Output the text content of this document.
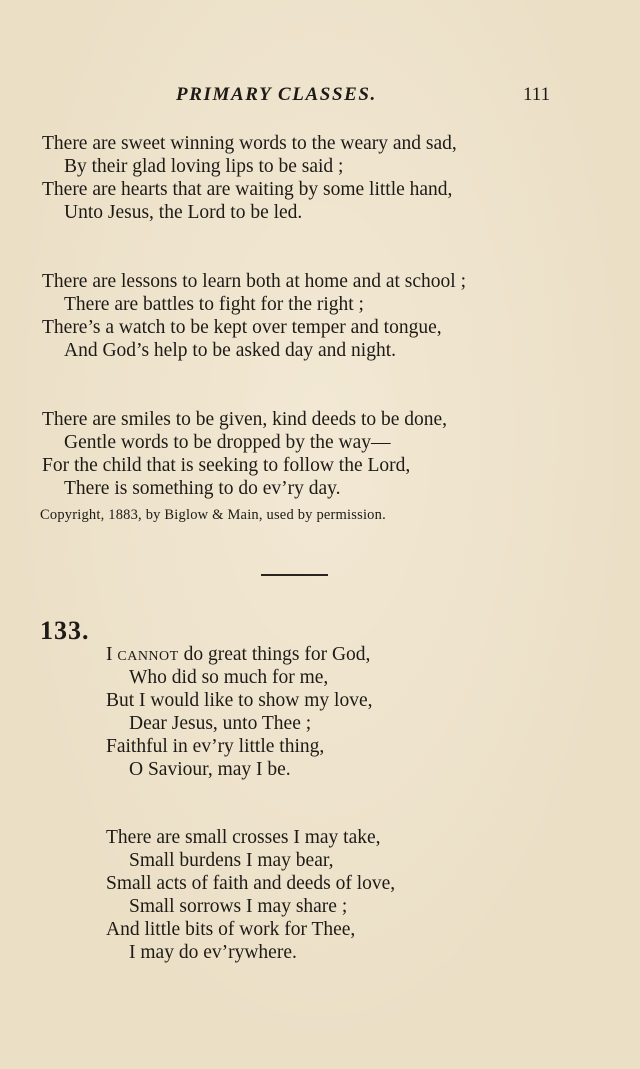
PRIMARY CLASSES.	111
There are sweet winning words to the weary and sad,
By their glad loving lips to be said ;
There are hearts that are waiting by some little hand,
Unto Jesus, the Lord to be led.
There are lessons to learn both at home and at school ;
There are battles to fight for the right ;
There’s a watch to be kept over temper and tongue,
And God’s help to be asked day and night.
There are smiles to be given, kind deeds to be done,
Gentle words to be dropped by the way—
For the child that is seeking to follow the Lord,
There is something to do ev’ry day.
Copyright, 1883, by Biglow & Main, used by permission.
133.
I cannot do great things for God,
Who did so much for me,
But I would like to show my love,
Dear Jesus, unto Thee ;
Faithful in ev’ry little thing,
O Saviour, may I be.
There are small crosses I may take,
Small burdens I may bear,
Small acts of faith and deeds of love,
Small sorrows I may share ;
And little bits of work for Thee,
I may do ev’rywhere.
